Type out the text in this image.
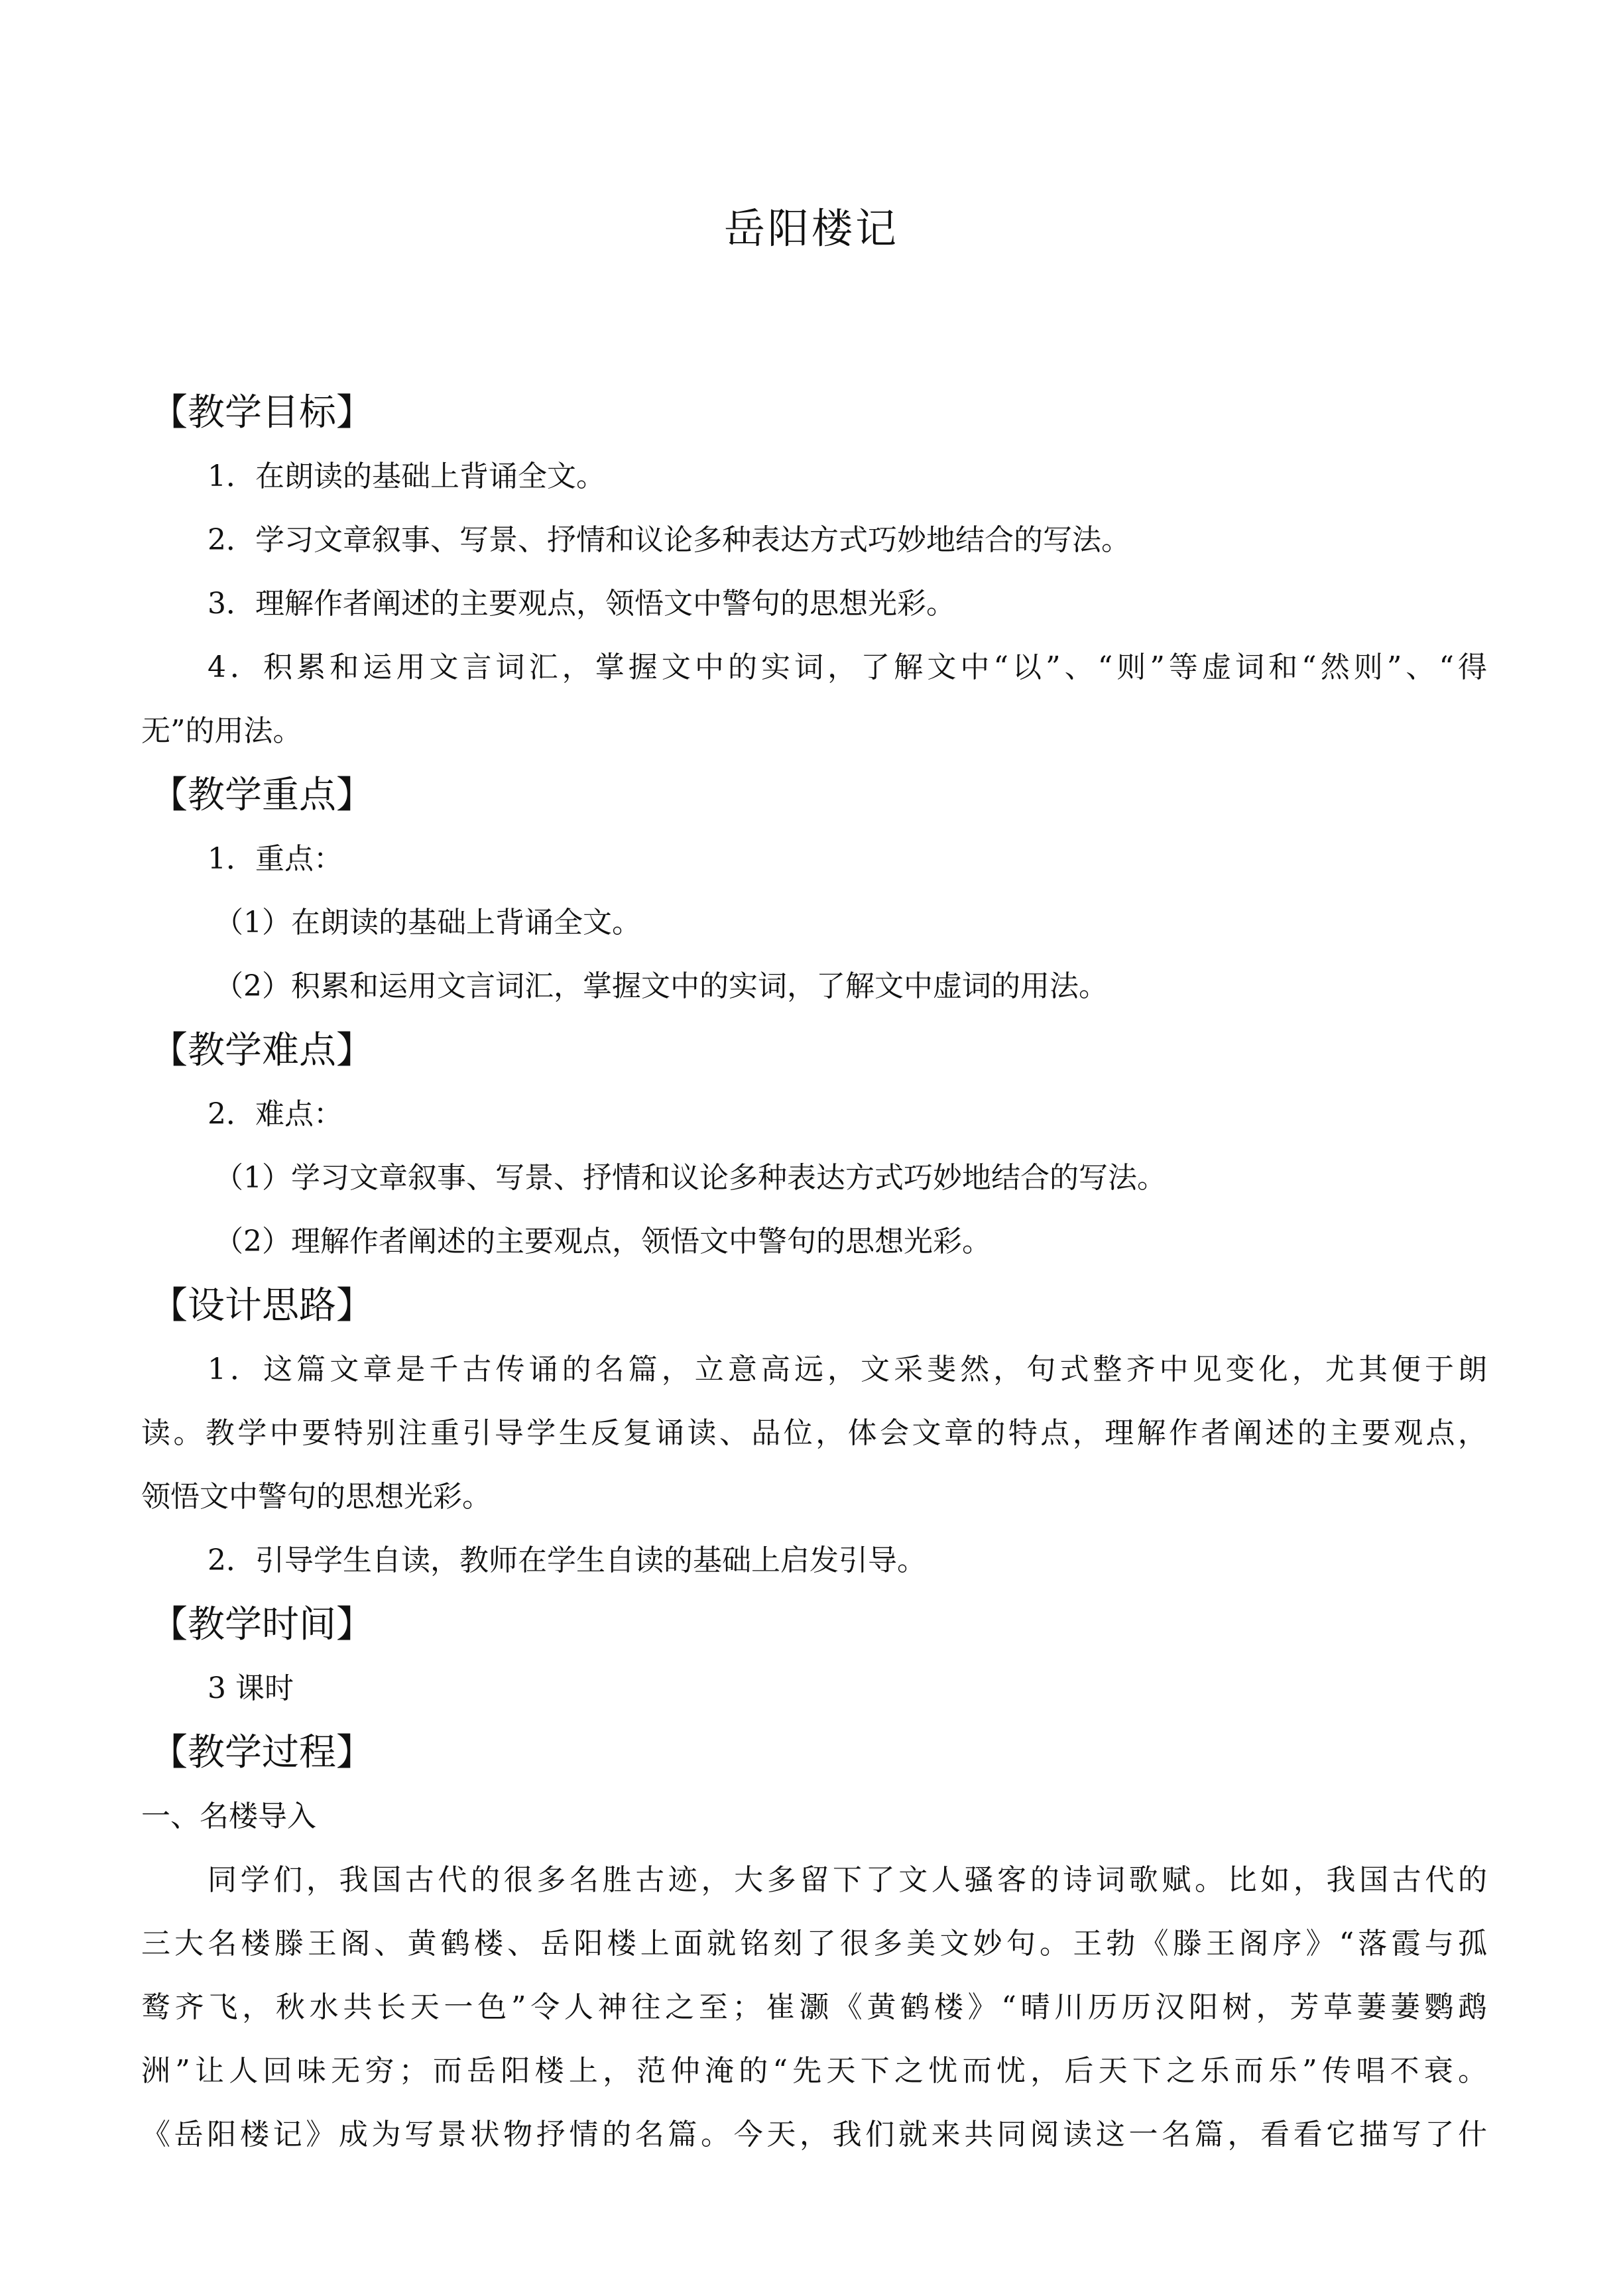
岳阳楼记
【教学目标】
1．在朗读的基础上背诵全文。
2．学习文章叙事、写景、抒情和议论多种表达方式巧妙地结合的写法。
3．理解作者阐述的主要观点，领悟文中警句的思想光彩。
4．积累和运用文言词汇，掌握文中的实词，了解文中“以”、“则”等虚词和“然则”、“得
无”的用法。
【教学重点】
1．重点：
（1）在朗读的基础上背诵全文。
（2）积累和运用文言词汇，掌握文中的实词，了解文中虚词的用法。
【教学难点】
2．难点：
（1）学习文章叙事、写景、抒情和议论多种表达方式巧妙地结合的写法。
（2）理解作者阐述的主要观点，领悟文中警句的思想光彩。
【设计思路】
1．这篇文章是千古传诵的名篇，立意高远，文采斐然，句式整齐中见变化，尤其便于朗
读。教学中要特别注重引导学生反复诵读、品位，体会文章的特点，理解作者阐述的主要观点，
领悟文中警句的思想光彩。
2．引导学生自读，教师在学生自读的基础上启发引导。
【教学时间】
3 课时
【教学过程】
一、名楼导入
同学们，我国古代的很多名胜古迹，大多留下了文人骚客的诗词歌赋。比如，我国古代的
三大名楼滕王阁、黄鹤楼、岳阳楼上面就铭刻了很多美文妙句。王勃《滕王阁序》“落霞与孤
鹜齐飞，秋水共长天一色”令人神往之至；崔灏《黄鹤楼》“晴川历历汉阳树，芳草萋萋鹦鹉
洲”让人回味无穷；而岳阳楼上，范仲淹的“先天下之忧而忧，后天下之乐而乐”传唱不衰。
《岳阳楼记》成为写景状物抒情的名篇。今天，我们就来共同阅读这一名篇，看看它描写了什
